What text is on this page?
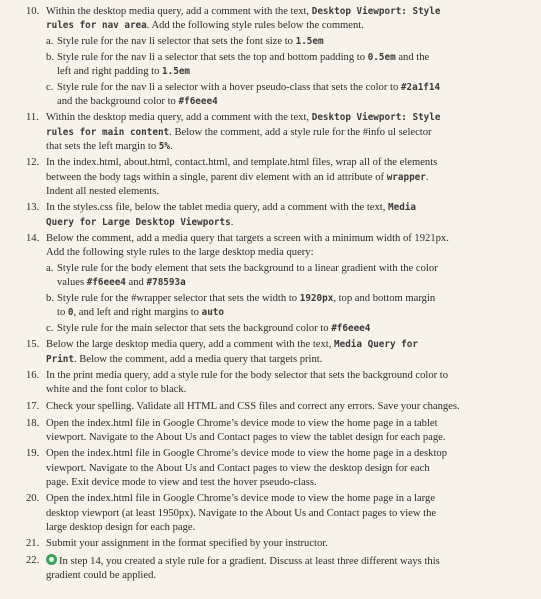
10. Within the desktop media query, add a comment with the text, Desktop Viewport: Style
rules for nav area. Add the following style rules below the comment.
a. Style rule for the nav li selector that sets the font size to 1.5em
b. Style rule for the nav li a selector that sets the top and bottom padding to 0.5em and the
left and right padding to 1.5em
c. Style rule for the nav li a selector with a hover pseudo-class that sets the color to #2a1f14
and the background color to #f6eee4
11. Within the desktop media query, add a comment with the text, Desktop Viewport: Style
rules for main content. Below the comment, add a style rule for the #info ul selector
that sets the left margin to 5%.
12. In the index.html, about.html, contact.html, and template.html files, wrap all of the elements
between the body tags within a single, parent div element with an id attribute of wrapper.
Indent all nested elements.
13. In the styles.css file, below the tablet media query, add a comment with the text, Media
Query for Large Desktop Viewports.
14. Below the comment, add a media query that targets a screen with a minimum width of 1921px.
Add the following style rules to the large desktop media query:
a. Style rule for the body element that sets the background to a linear gradient with the color
values #f6eee4 and #78593a
b. Style rule for the #wrapper selector that sets the width to 1920px, top and bottom margin
to 0, and left and right margins to auto
c. Style rule for the main selector that sets the background color to #f6eee4
15. Below the large desktop media query, add a comment with the text, Media Query for
Print. Below the comment, add a media query that targets print.
16. In the print media query, add a style rule for the body selector that sets the background color to
white and the font color to black.
17. Check your spelling. Validate all HTML and CSS files and correct any errors. Save your changes.
18. Open the index.html file in Google Chrome’s device mode to view the home page in a tablet
viewport. Navigate to the About Us and Contact pages to view the tablet design for each page.
19. Open the index.html file in Google Chrome’s device mode to view the home page in a desktop
viewport. Navigate to the About Us and Contact pages to view the desktop design for each
page. Exit device mode to view and test the hover pseudo-class.
20. Open the index.html file in Google Chrome’s device mode to view the home page in a large
desktop viewport (at least 1950px). Navigate to the About Us and Contact pages to view the
large desktop design for each page.
21. Submit your assignment in the format specified by your instructor.
22.	In step 14, you created a style rule for a gradient. Discuss at least three different ways this
gradient could be applied.
